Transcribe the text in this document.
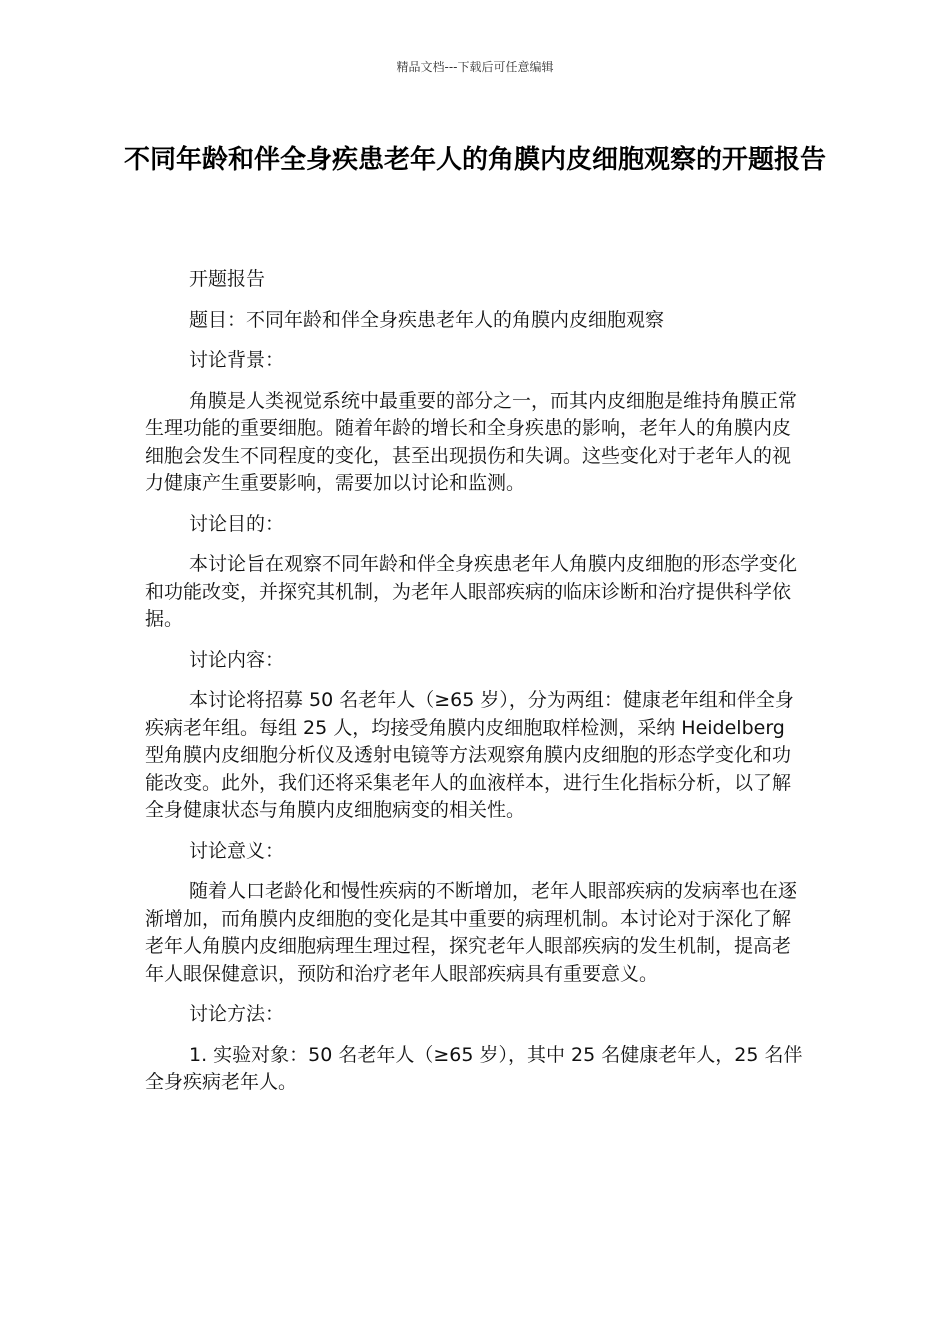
精品文档---下载后可任意编辑
不同年龄和伴全身疾患老年人的角膜内皮细胞观察的开题报告

开题报告

题目：不同年龄和伴全身疾患老年人的角膜内皮细胞观察

讨论背景：

角膜是人类视觉系统中最重要的部分之一，而其内皮细胞是维持角膜正常生理功能的重要细胞。随着年龄的增长和全身疾患的影响，老年人的角膜内皮细胞会发生不同程度的变化，甚至出现损伤和失调。这些变化对于老年人的视力健康产生重要影响，需要加以讨论和监测。

讨论目的：

本讨论旨在观察不同年龄和伴全身疾患老年人角膜内皮细胞的形态学变化和功能改变，并探究其机制，为老年人眼部疾病的临床诊断和治疗提供科学依据。

讨论内容：

本讨论将招募 50 名老年人（≥65 岁），分为两组：健康老年组和伴全身疾病老年组。每组 25 人，均接受角膜内皮细胞取样检测，采纳 Heidelberg 型角膜内皮细胞分析仪及透射电镜等方法观察角膜内皮细胞的形态学变化和功能改变。此外，我们还将采集老年人的血液样本，进行生化指标分析，以了解全身健康状态与角膜内皮细胞病变的相关性。

讨论意义：

随着人口老龄化和慢性疾病的不断增加，老年人眼部疾病的发病率也在逐渐增加，而角膜内皮细胞的变化是其中重要的病理机制。本讨论对于深化了解老年人角膜内皮细胞病理生理过程，探究老年人眼部疾病的发生机制，提高老年人眼保健意识，预防和治疗老年人眼部疾病具有重要意义。

讨论方法：

1. 实验对象：50 名老年人（≥65 岁），其中 25 名健康老年人，25 名伴全身疾病老年人。
